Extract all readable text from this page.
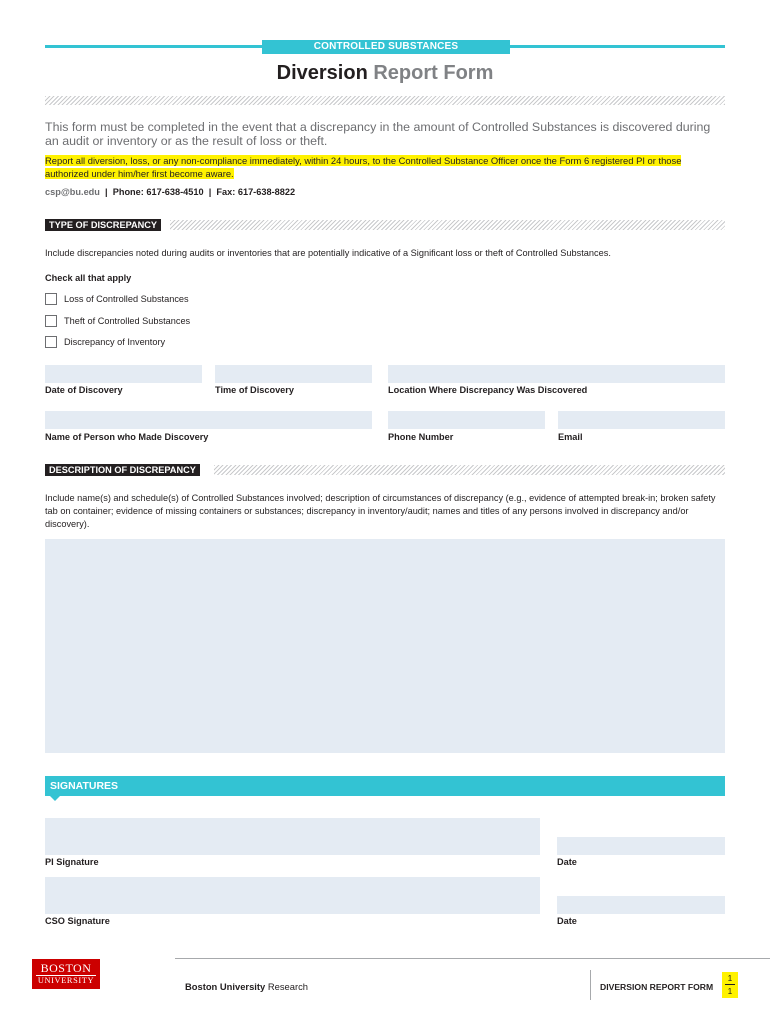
CONTROLLED SUBSTANCES
Diversion Report Form
This form must be completed in the event that a discrepancy in the amount of Controlled Substances is discovered during an audit or inventory or as the result of loss or theft.
Report all diversion, loss, or any non-compliance immediately, within 24 hours, to the Controlled Substance Officer once the Form 6 registered PI or those authorized under him/her first become aware.
csp@bu.edu | Phone: 617-638-4510 | Fax: 617-638-8822
TYPE OF DISCREPANCY
Include discrepancies noted during audits or inventories that are potentially indicative of a Significant loss or theft of Controlled Substances.
Check all that apply
Loss of Controlled Substances
Theft of Controlled Substances
Discrepancy of Inventory
Date of Discovery	Time of Discovery	Location Where Discrepancy Was Discovered
Name of Person who Made Discovery	Phone Number	Email
DESCRIPTION OF DISCREPANCY
Include name(s) and schedule(s) of Controlled Substances involved; description of circumstances of discrepancy (e.g., evidence of attempted break-in; broken safety tab on container; evidence of missing containers or substances; discrepancy in inventory/audit; names and titles of any persons involved in discrepancy and/or discovery).
SIGNATURES
PI Signature	Date
CSO Signature	Date
BOSTON
UNIVERSITY
Boston University Research	DIVERSION REPORT FORM
1
1
